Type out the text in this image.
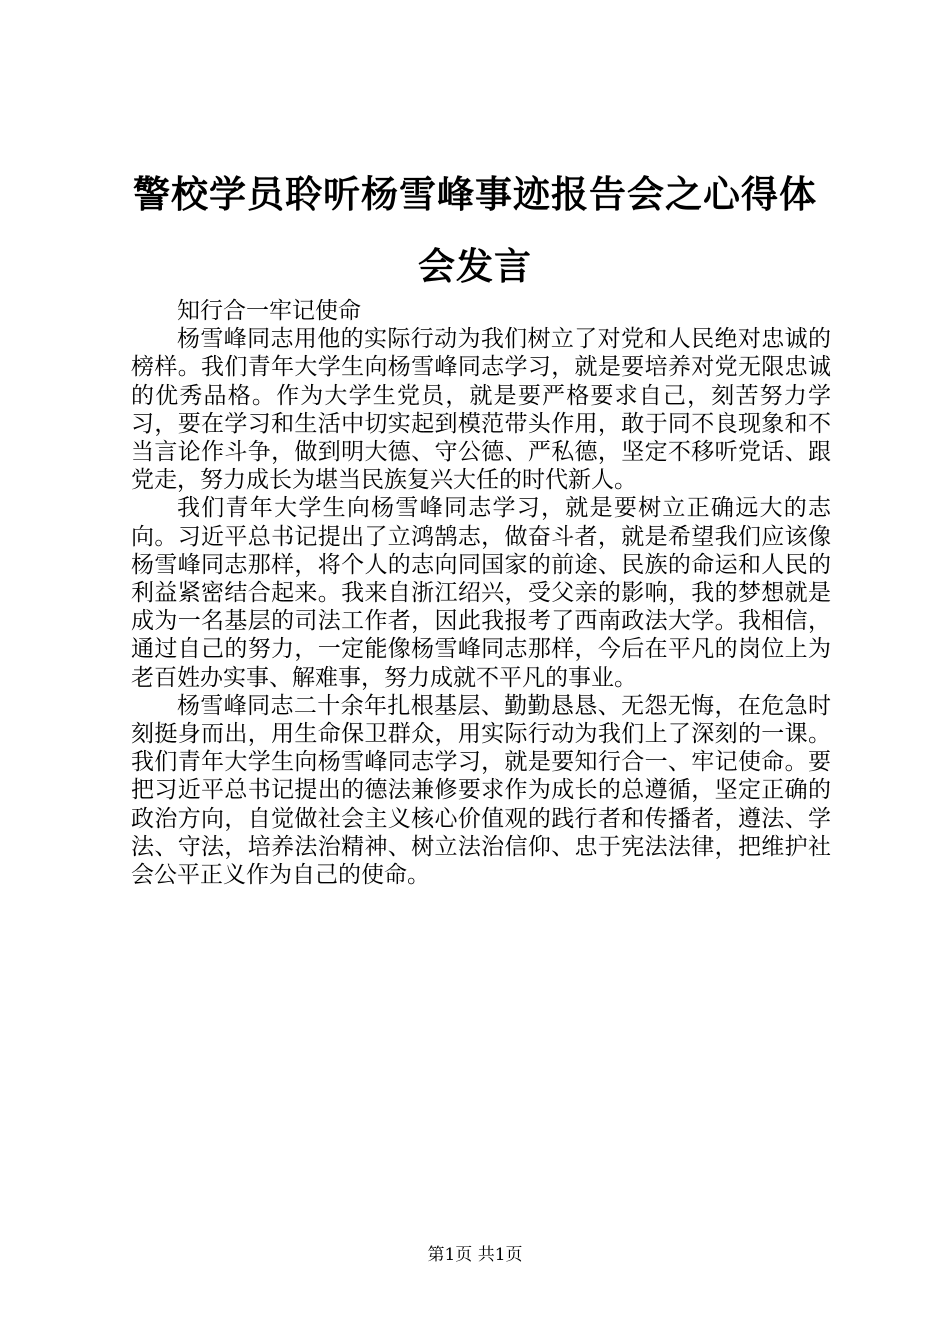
警校学员聆听杨雪峰事迹报告会之心得体会发言

知行合一牢记使命

杨雪峰同志用他的实际行动为我们树立了对党和人民绝对忠诚的榜样。我们青年大学生向杨雪峰同志学习，就是要培养对党无限忠诚的优秀品格。作为大学生党员，就是要严格要求自己，刻苦努力学习，要在学习和生活中切实起到模范带头作用，敢于同不良现象和不当言论作斗争，做到明大德、守公德、严私德，坚定不移听党话、跟党走，努力成长为堪当民族复兴大任的时代新人。

我们青年大学生向杨雪峰同志学习，就是要树立正确远大的志向。习近平总书记提出了立鸿鹄志，做奋斗者，就是希望我们应该像杨雪峰同志那样，将个人的志向同国家的前途、民族的命运和人民的利益紧密结合起来。我来自浙江绍兴，受父亲的影响，我的梦想就是成为一名基层的司法工作者，因此我报考了西南政法大学。我相信，通过自己的努力，一定能像杨雪峰同志那样，今后在平凡的岗位上为老百姓办实事、解难事，努力成就不平凡的事业。

杨雪峰同志二十余年扎根基层、勤勤恳恳、无怨无悔，在危急时刻挺身而出，用生命保卫群众，用实际行动为我们上了深刻的一课。我们青年大学生向杨雪峰同志学习，就是要知行合一、牢记使命。要把习近平总书记提出的德法兼修要求作为成长的总遵循，坚定正确的政治方向，自觉做社会主义核心价值观的践行者和传播者，遵法、学法、守法，培养法治精神、树立法治信仰、忠于宪法法律，把维护社会公平正义作为自己的使命。

第1页 共1页
